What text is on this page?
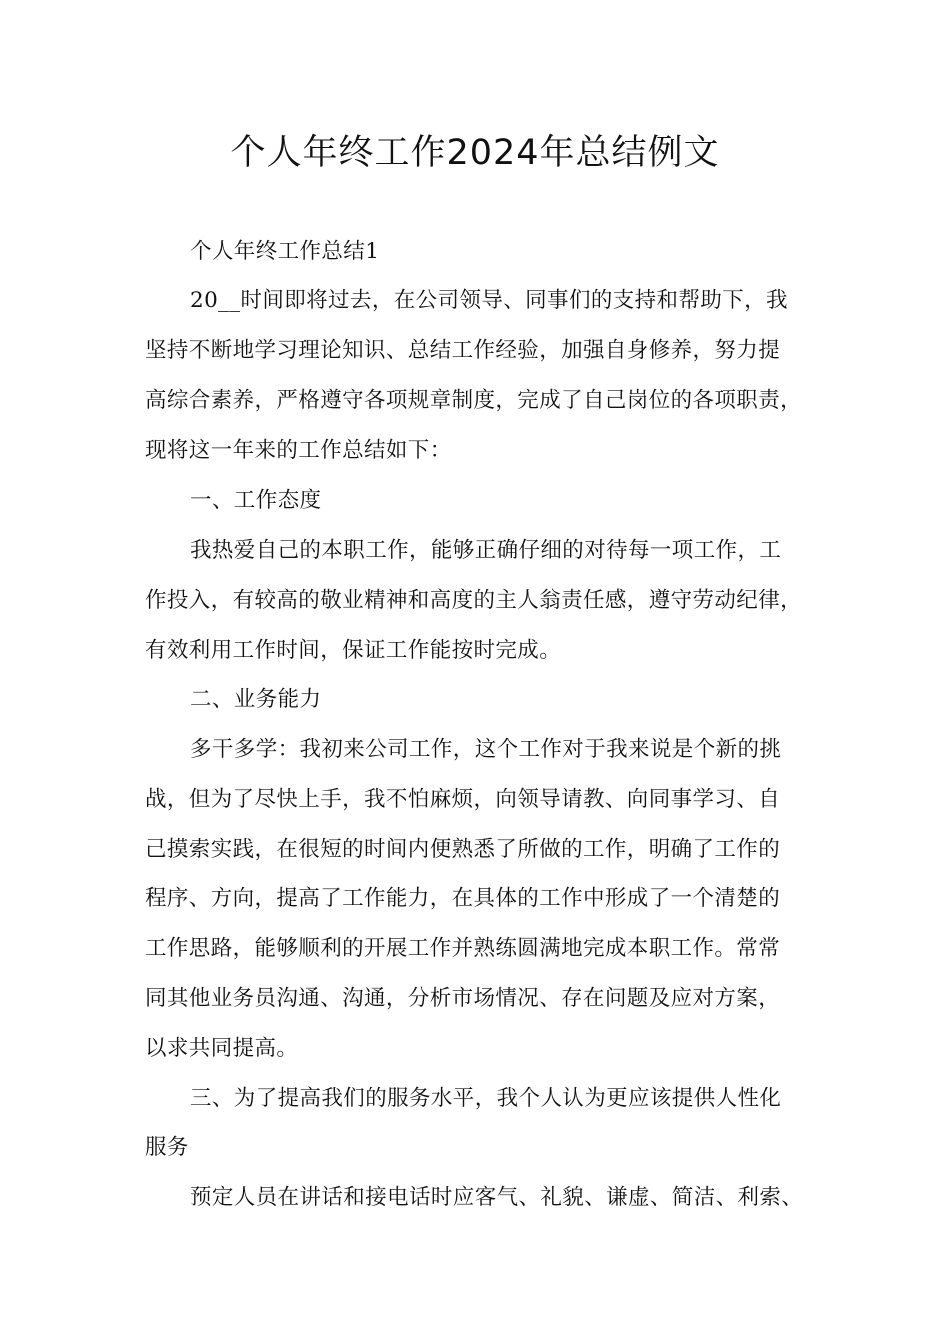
个人年终工作2024年总结例文
个人年终工作总结1
20__时间即将过去，在公司领导、同事们的支持和帮助下，我
坚持不断地学习理论知识、总结工作经验，加强自身修养，努力提
高综合素养，严格遵守各项规章制度，完成了自己岗位的各项职责，
现将这一年来的工作总结如下：
一、工作态度
我热爱自己的本职工作，能够正确仔细的对待每一项工作，工
作投入，有较高的敬业精神和高度的主人翁责任感，遵守劳动纪律，
有效利用工作时间，保证工作能按时完成。
二、业务能力
多干多学：我初来公司工作，这个工作对于我来说是个新的挑
战，但为了尽快上手，我不怕麻烦，向领导请教、向同事学习、自
己摸索实践，在很短的时间内便熟悉了所做的工作，明确了工作的
程序、方向，提高了工作能力，在具体的工作中形成了一个清楚的
工作思路，能够顺利的开展工作并熟练圆满地完成本职工作。常常
同其他业务员沟通、沟通，分析市场情况、存在问题及应对方案，
以求共同提高。
三、为了提高我们的服务水平，我个人认为更应该提供人性化
服务
预定人员在讲话和接电话时应客气、礼貌、谦虚、简洁、利索、
